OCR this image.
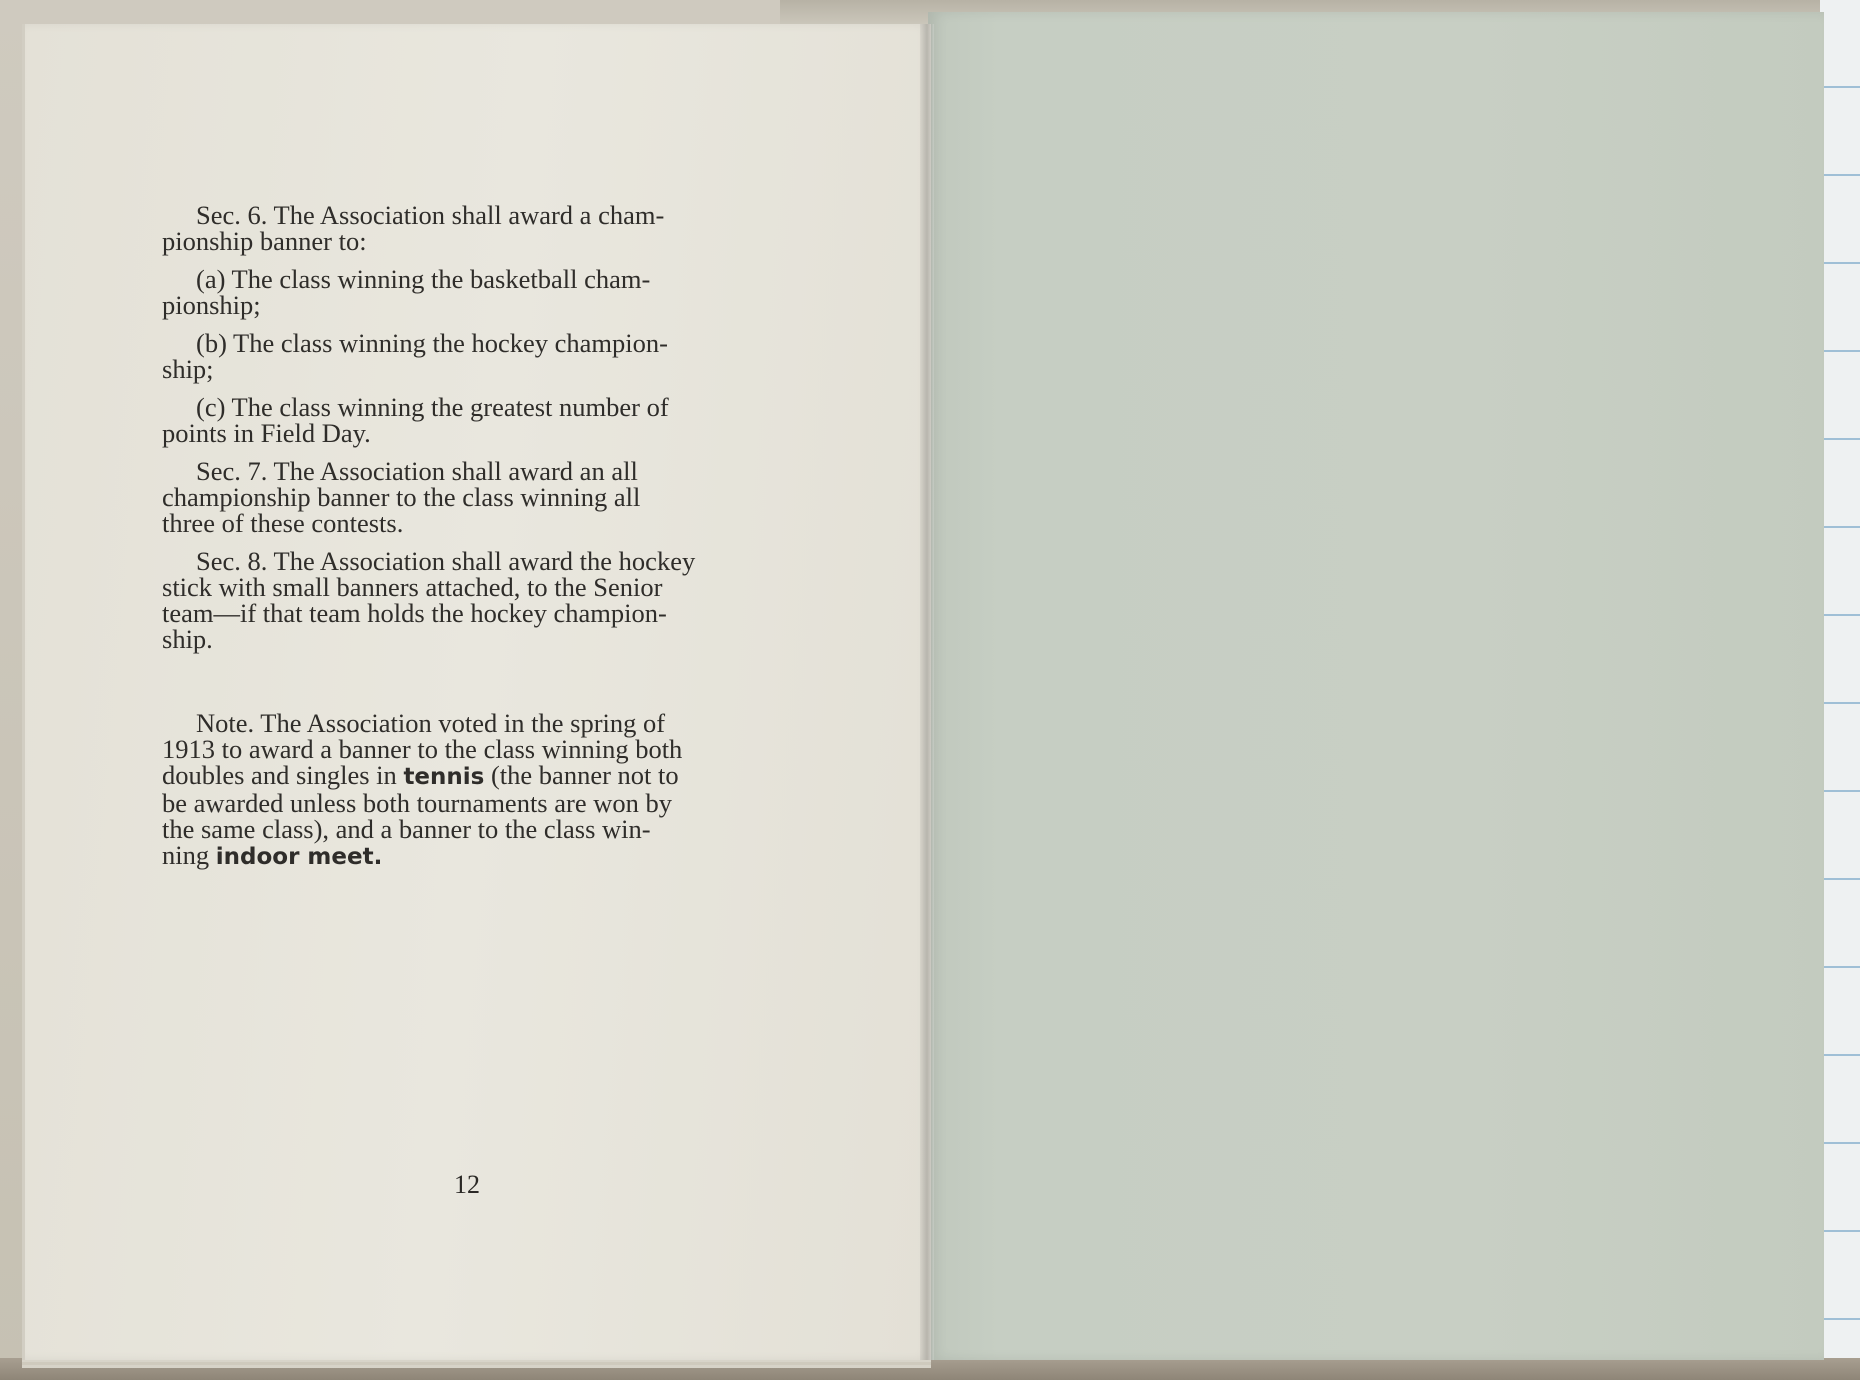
Sec. 6. The Association shall award a cham-
pionship banner to:

(a) The class winning the basketball cham-
pionship;

(b) The class winning the hockey champion-
ship;

(c) The class winning the greatest number of
points in Field Day.

Sec. 7. The Association shall award an all
championship banner to the class winning all
three of these contests.

Sec. 8. The Association shall award the hockey
stick with small banners attached, to the Senior
team—if that team holds the hockey champion-
ship.

Note. The Association voted in the spring of
1913 to award a banner to the class winning both
doubles and singles in tennis (the banner not to
be awarded unless both tournaments are won by
the same class), and a banner to the class win-
ning indoor meet.

12
